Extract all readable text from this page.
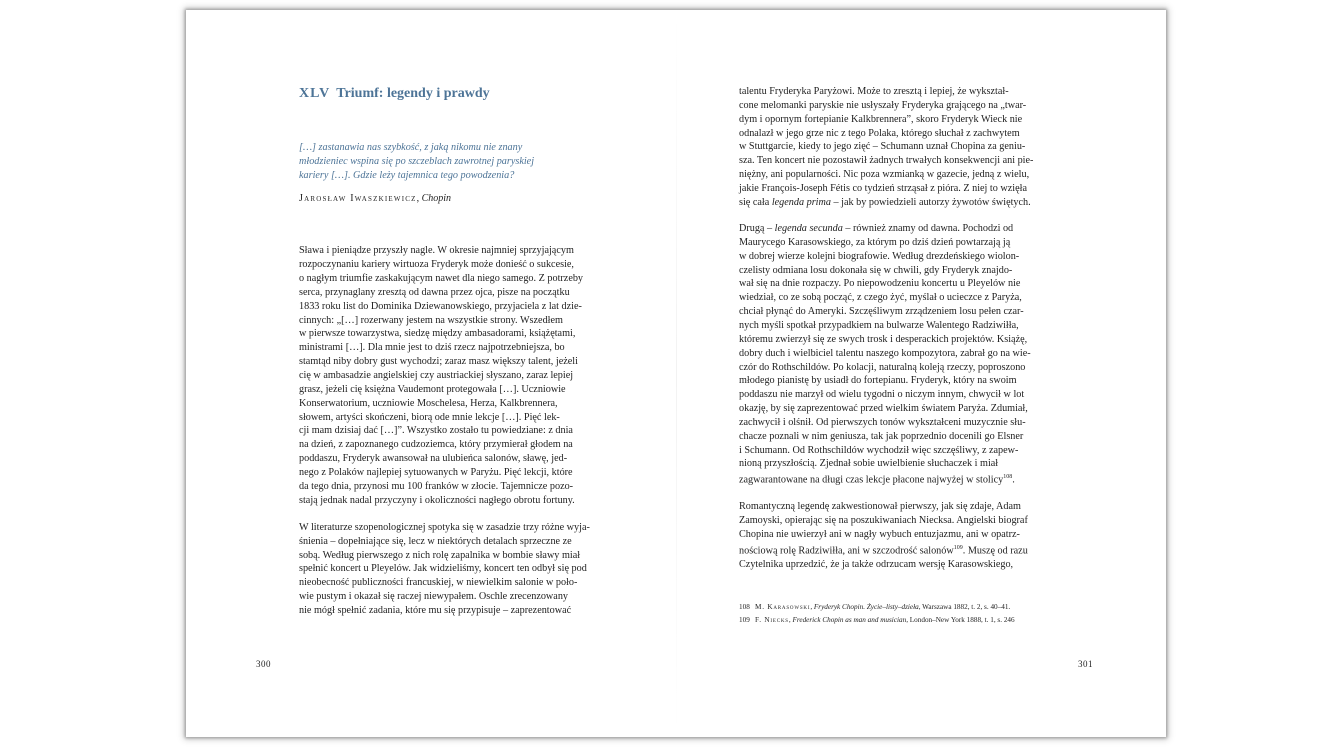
XLV Triumf: legendy i prawdy
[…] zastanawia nas szybkość, z jaką nikomu nie znany
młodzieniec wspina się po szczeblach zawrotnej paryskiej
kariery […]. Gdzie leży tajemnica tego powodzenia?
Jarosław Iwaszkiewicz, Chopin

Sława i pieniądze przyszły nagle. W okresie najmniej sprzyjającym
rozpoczynaniu kariery wirtuoza Fryderyk może donieść o sukcesie,
o nagłym triumfie zaskakującym nawet dla niego samego. Z potrzeby
serca, przynaglany zresztą od dawna przez ojca, pisze na początku
1833 roku list do Dominika Dziewanowskiego, przyjaciela z lat dzie-
cinnych: „[…] rozerwany jestem na wszystkie strony. Wszedłem
w pierwsze towarzystwa, siedzę między ambasadorami, książętami,
ministrami […]. Dla mnie jest to dziś rzecz najpotrzebniejsza, bo
stamtąd niby dobry gust wychodzi; zaraz masz większy talent, jeżeli
cię w ambasadzie angielskiej czy austriackiej słyszano, zaraz lepiej
grasz, jeżeli cię księżna Vaudemont protegowała […]. Uczniowie
Konserwatorium, uczniowie Moschelesa, Herza, Kalkbrennera,
słowem, artyści skończeni, biorą ode mnie lekcje […]. Pięć lek-
cji mam dzisiaj dać […]”. Wszystko zostało tu powiedziane: z dnia
na dzień, z zapoznanego cudzoziemca, który przymierał głodem na
poddaszu, Fryderyk awansował na ulubieńca salonów, sławę, jed-
nego z Polaków najlepiej sytuowanych w Paryżu. Pięć lekcji, które
da tego dnia, przynosi mu 100 franków w złocie. Tajemnicze pozo-
stają jednak nadal przyczyny i okoliczności nagłego obrotu fortuny.

W literaturze szopenologicznej spotyka się w zasadzie trzy różne wyja-
śnienia – dopełniające się, lecz w niektórych detalach sprzeczne ze
sobą. Według pierwszego z nich rolę zapalnika w bombie sławy miał
spełnić koncert u Pleyelów. Jak widzieliśmy, koncert ten odbył się pod
nieobecność publiczności francuskiej, w niewielkim salonie w poło-
wie pustym i okazał się raczej niewypałem. Oschle zrecenzowany
nie mógł spełnić zadania, które mu się przypisuje – zaprezentować

300

talentu Fryderyka Paryżowi. Może to zresztą i lepiej, że wykształ-
cone melomanki paryskie nie usłyszały Fryderyka grającego na „twar-
dym i opornym fortepianie Kalkbrennera”, skoro Fryderyk Wieck nie
odnalazł w jego grze nic z tego Polaka, którego słuchał z zachwytem
w Stuttgarcie, kiedy to jego zięć – Schumann uznał Chopina za geniu-
sza. Ten koncert nie pozostawił żadnych trwałych konsekwencji ani pie-
niężny, ani popularności. Nic poza wzmianką w gazecie, jedną z wielu,
jakie François-Joseph Fétis co tydzień strząsał z pióra. Z niej to wzięła
się cała legenda prima – jak by powiedzieli autorzy żywotów świętych.

Drugą – legenda secunda – również znamy od dawna. Pochodzi od
Maurycego Karasowskiego, za którym po dziś dzień powtarzają ją
w dobrej wierze kolejni biografowie. Według drezdeńskiego wiolon-
czelisty odmiana losu dokonała się w chwili, gdy Fryderyk znajdo-
wał się na dnie rozpaczy. Po niepowodzeniu koncertu u Pleyelów nie
wiedział, co ze sobą począć, z czego żyć, myślał o ucieczce z Paryża,
chciał płynąć do Ameryki. Szczęśliwym zrządzeniem losu pełen czar-
nych myśli spotkał przypadkiem na bulwarze Walentego Radziwiłła,
któremu zwierzył się ze swych trosk i desperackich projektów. Książę,
dobry duch i wielbiciel talentu naszego kompozytora, zabrał go na wie-
czór do Rothschildów. Po kolacji, naturalną koleją rzeczy, poproszono
młodego pianistę by usiadł do fortepianu. Fryderyk, który na swoim
poddaszu nie marzył od wielu tygodni o niczym innym, chwycił w lot
okazję, by się zaprezentować przed wielkim światem Paryża. Zdumiał,
zachwycił i olśnił. Od pierwszych tonów wykształceni muzycznie słu-
chacze poznali w nim geniusza, tak jak poprzednio docenili go Elsner
i Schumann. Od Rothschildów wychodził więc szczęśliwy, z zapew-
nioną przyszłością. Zjednał sobie uwielbienie słuchaczek i miał
zagwarantowane na długi czas lekcje płacone najwyżej w stolicy$^{108}$.

Romantyczną legendę zakwestionował pierwszy, jak się zdaje, Adam
Zamoyski, opierając się na poszukiwaniach Niecksa. Angielski biograf
Chopina nie uwierzył ani w nagły wybuch entuzjazmu, ani w opatrz-
nościową rolę Radziwiłła, ani w szczodrość salonów$^{109}$. Muszę od razu
Czytelnika uprzedzić, że ja także odrzucam wersję Karasowskiego,

108 M. Karasowski, Fryderyk Chopin. Życie–listy–dzieła, Warszawa 1882, t. 2, s. 40–41.
109 F. Niecks, Frederick Chopin as man and musician, London–New York 1888, t. 1, s. 246
301
